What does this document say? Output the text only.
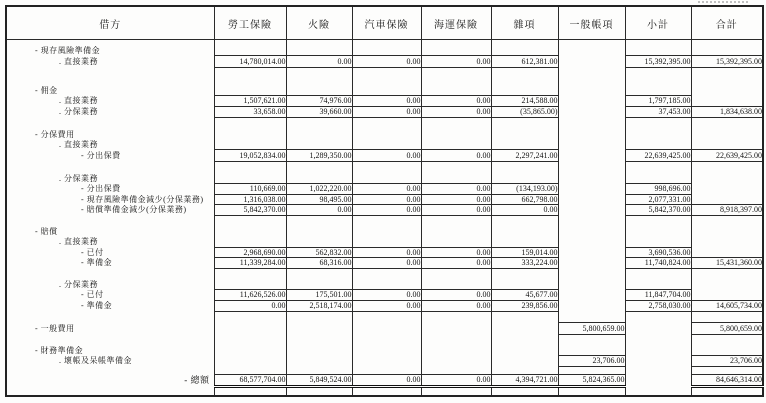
借方	勞工保險	火險	汽車保險	海運保險	雜項	一般帳項	小計	合計

- 現存風險準備金								
. 直接業務	14,780,014.00	0.00	0.00	0.00	612,381.00		15,392,395.00	15,392,395.00

- 佣金								
. 直接業務	1,507,621.00	74,976.00	0.00	0.00	214,588.00		1,797,185.00	
. 分保業務	33,658.00	39,660.00	0.00	0.00	(35,865.00)		37,453.00	1,834,638.00

- 分保費用								
. 直接業務								
- 分出保費	19,052,834.00	1,289,350.00	0.00	0.00	2,297,241.00		22,639,425.00	22,639,425.00

. 分保業務								
- 分出保費	110,669.00	1,022,220.00	0.00	0.00	(134,193.00)		998,696.00	
- 現存風險準備金減少(分保業務)	1,316,038.00	98,495.00	0.00	0.00	662,798.00		2,077,331.00	
- 賠償準備金減少(分保業務)	5,842,370.00	0.00	0.00	0.00	0.00		5,842,370.00	8,918,397.00

- 賠償								
. 直接業務								
- 已付	2,968,690.00	562,832.00	0.00	0.00	159,014.00		3,690,536.00	
- 準備金	11,339,284.00	68,316.00	0.00	0.00	333,224.00		11,740,824.00	15,431,360.00

. 分保業務								
- 已付	11,626,526.00	175,501.00	0.00	0.00	45,677.00		11,847,704.00	
- 準備金	0.00	2,518,174.00	0.00	0.00	239,856.00		2,758,030.00	14,605,734.00

- 一般費用						5,800,659.00		5,800,659.00

- 財務準備金								
. 壞帳及呆帳準備金						23,706.00		23,706.00

- 總額	68,577,704.00	5,849,524.00	0.00	0.00	4,394,721.00	5,824,365.00		84,646,314.00
